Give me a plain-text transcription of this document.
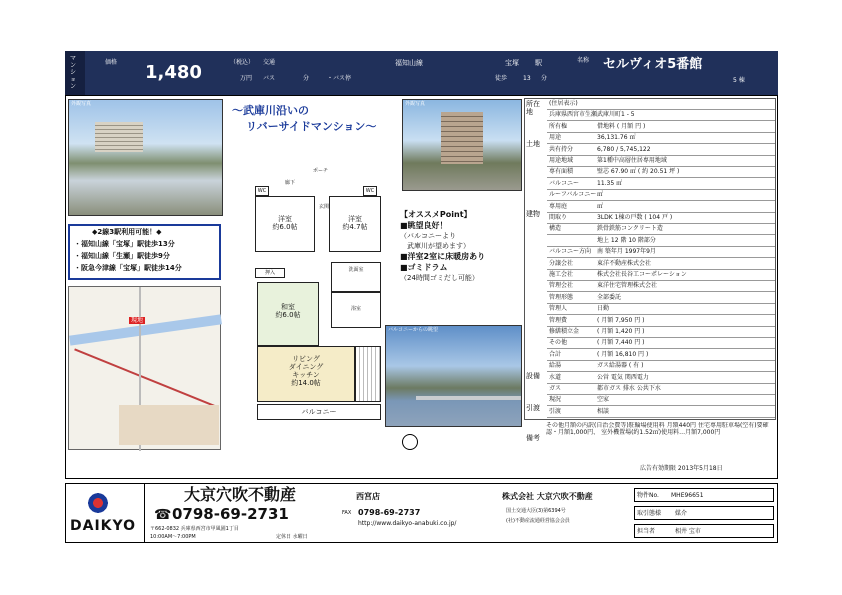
マンション
価格 1,480	（税込）
万円
交通	福知山線	宝塚 駅
バス	分	・バス停	徒歩	13 分
名称 セルヴィオ5番館
5 棟
外観写真	外観写真
バルコニーからの眺望
～武庫川沿いの
リバーサイドマンション～
◆2線3駅利用可能！◆
・福知山線「宝塚」駅徒歩13分
・福知山線「生瀬」駅徒歩9分
・阪急今津線「宝塚」駅徒歩14分
現地
ポーチ
廊下
WC	WC
玄関
洋室
約6.0帖
洋室
約4.7帖
押入	洗面室
浴室
和室
約6.0帖
リビング
ダイニング
キッチン
約14.0帖
バルコニー
【オススメPoint】
■眺望良好！
（バルコニーより
　武庫川が望めます）
■洋室2室に床暖房あり
■ゴミドラム
（24時間ゴミだし可能）
所在地
土地
建物
設備
引渡
備考
(住居表示)
兵庫県西宮市生瀬武庫川町1 - 5
所有権	借地料 ( 月額 円 )
用途	36,131.76 ㎡
共有持分	6,780 / 5,745,122
用途地域	第1種中高層住居専用地域
専有面積	壁芯 67.90 ㎡ ( 約 20.51 坪 )
バルコニー	11.35 ㎡
ルーフバルコニー ㎡
専用庭	㎡
間取り	3LDK 1棟の戸数 ( 104 戸 )
構造	鉄骨鉄筋コンクリート造
地上 12 階 10 階部分
バルコニー方向 南 築年月 1997年9月
分譲会社	東洋不動産株式会社
施工会社	株式会社長谷工コーポレーション
管理会社	東洋住宅管理株式会社
管理形態	全部委託
管理人	日勤
管理費	( 月額 7,950 円 )
修繕積立金	( 月額 1,420 円 )
その他	( 月額 7,440 円 )
合計	( 月額 16,810 円 )
給湯	ガス給湯器 ( 有 )
水道	公営 電気 関西電力
ガス	都市ガス 排水 公共下水
現況	空家
引渡	相談
その他月額の内訳(自治会費等)駐輪場使用料 月額440円 住宅専用駐車場(空有)要確認・月額1,000円、 室外機置場(約1.52㎡)使用料…月額7,000円
広告有効期限 2013年5月18日
DAIKYO
大京穴吹不動産	西宮店
☎ 0798-69-2731	FAX 0798-69-2737
〒662-0832 兵庫県西宮市甲風園1丁目
10:00AM～7:00PM	定休日 水曜日
http://www.daikyo-anabuki.co.jp/
株式会社 大京穴吹不動産
国土交通大臣(3)第6394号
(社)不動産流通経営協会会員
物件No. MHE96651
取引態様 媒介
担当者	相井 宝市
